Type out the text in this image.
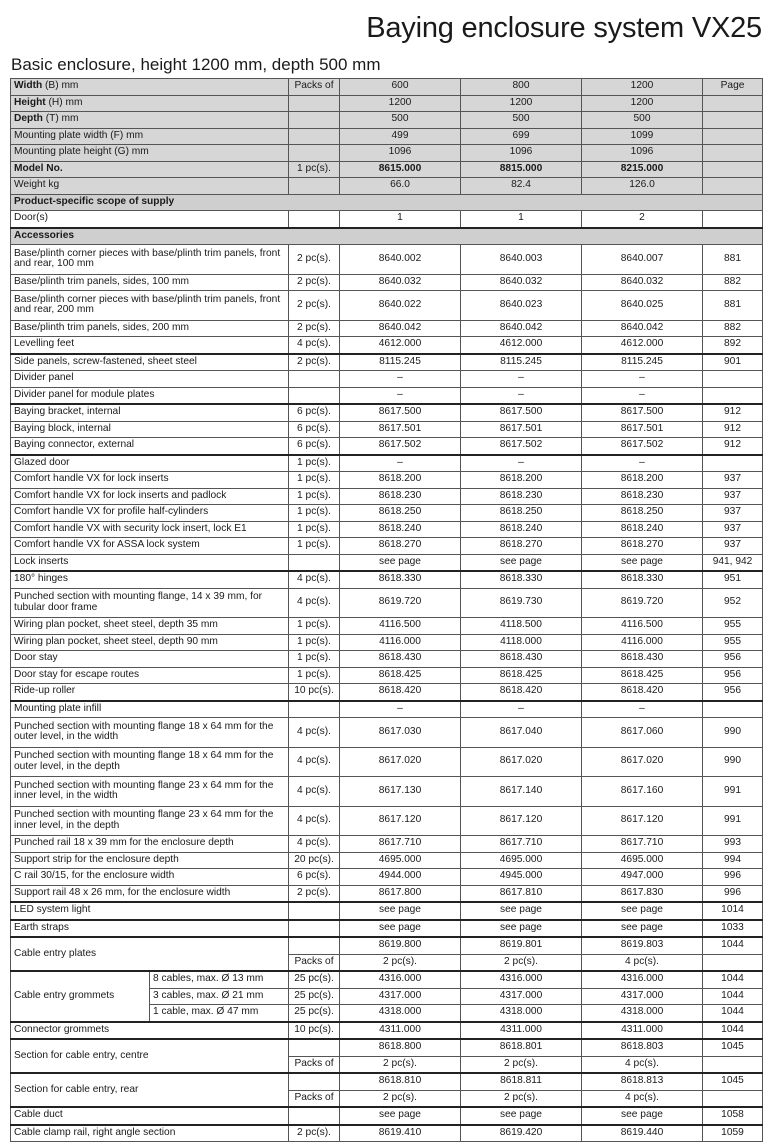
Baying enclosure system VX25
Basic enclosure, height 1200 mm, depth 500 mm
Width (B) mm		Packs of	600	800	1200	Page
Height (H) mm			1200	1200	1200	
Depth (T) mm			500	500	500	
Mounting plate width (F) mm			499	699	1099	
Mounting plate height (G) mm			1096	1096	1096	
Model No.		1 pc(s).	8615.000	8815.000	8215.000	
Weight kg			66.0	82.4	126.0	
Product-specific scope of supply						
Door(s)			1	1	2	
Accessories						
Base/plinth corner pieces with base/plinth trim panels, front and rear, 100 mm		2 pc(s).	8640.002	8640.003	8640.007	881
Base/plinth trim panels, sides, 100 mm		2 pc(s).	8640.032	8640.032	8640.032	882
Base/plinth corner pieces with base/plinth trim panels, front and rear, 200 mm		2 pc(s).	8640.022	8640.023	8640.025	881
Base/plinth trim panels, sides, 200 mm		2 pc(s).	8640.042	8640.042	8640.042	882
Levelling feet		4 pc(s).	4612.000	4612.000	4612.000	892
Side panels, screw-fastened, sheet steel		2 pc(s).	8115.245	8115.245	8115.245	901
Divider panel			–	–	–	
Divider panel for module plates			–	–	–	
Baying bracket, internal		6 pc(s).	8617.500	8617.500	8617.500	912
Baying block, internal		6 pc(s).	8617.501	8617.501	8617.501	912
Baying connector, external		6 pc(s).	8617.502	8617.502	8617.502	912
Glazed door		1 pc(s).	–	–	–	
Comfort handle VX for lock inserts		1 pc(s).	8618.200	8618.200	8618.200	937
Comfort handle VX for lock inserts and padlock		1 pc(s).	8618.230	8618.230	8618.230	937
Comfort handle VX for profile half-cylinders		1 pc(s).	8618.250	8618.250	8618.250	937
Comfort handle VX with security lock insert, lock E1		1 pc(s).	8618.240	8618.240	8618.240	937
Comfort handle VX for ASSA lock system		1 pc(s).	8618.270	8618.270	8618.270	937
Lock inserts			see page	see page	see page	941, 942
180° hinges		4 pc(s).	8618.330	8618.330	8618.330	951
Punched section with mounting flange, 14 x 39 mm, for tubular door frame		4 pc(s).	8619.720	8619.730	8619.720	952
Wiring plan pocket, sheet steel, depth 35 mm		1 pc(s).	4116.500	4118.500	4116.500	955
Wiring plan pocket, sheet steel, depth 90 mm		1 pc(s).	4116.000	4118.000	4116.000	955
Door stay		1 pc(s).	8618.430	8618.430	8618.430	956
Door stay for escape routes		1 pc(s).	8618.425	8618.425	8618.425	956
Ride-up roller		10 pc(s).	8618.420	8618.420	8618.420	956
Mounting plate infill			–	–	–	
Punched section with mounting flange 18 x 64 mm for the outer level, in the width		4 pc(s).	8617.030	8617.040	8617.060	990
Punched section with mounting flange 18 x 64 mm for the outer level, in the depth		4 pc(s).	8617.020	8617.020	8617.020	990
Punched section with mounting flange 23 x 64 mm for the inner level, in the width		4 pc(s).	8617.130	8617.140	8617.160	991
Punched section with mounting flange 23 x 64 mm for the inner level, in the depth		4 pc(s).	8617.120	8617.120	8617.120	991
Punched rail 18 x 39 mm for the enclosure depth		4 pc(s).	8617.710	8617.710	8617.710	993
Support strip for the enclosure depth		20 pc(s).	4695.000	4695.000	4695.000	994
C rail 30/15, for the enclosure width		6 pc(s).	4944.000	4945.000	4947.000	996
Support rail 48 x 26 mm, for the enclosure width		2 pc(s).	8617.800	8617.810	8617.830	996
LED system light			see page	see page	see page	1014
Earth straps			see page	see page	see page	1033
Cable entry plates			8619.800	8619.801	8619.803	1044
		Packs of	2 pc(s).	2 pc(s).	4 pc(s).	
Cable entry grommets	8 cables, max. Ø 13 mm	25 pc(s).	4316.000	4316.000	4316.000	1044
	3 cables, max. Ø 21 mm	25 pc(s).	4317.000	4317.000	4317.000	1044
	1 cable, max. Ø 47 mm	25 pc(s).	4318.000	4318.000	4318.000	1044
Connector grommets		10 pc(s).	4311.000	4311.000	4311.000	1044
Section for cable entry, centre			8618.800	8618.801	8618.803	1045
		Packs of	2 pc(s).	2 pc(s).	4 pc(s).	
Section for cable entry, rear			8618.810	8618.811	8618.813	1045
		Packs of	2 pc(s).	2 pc(s).	4 pc(s).	
Cable duct			see page	see page	see page	1058
Cable clamp rail, right angle section		2 pc(s).	8619.410	8619.420	8619.440	1059
